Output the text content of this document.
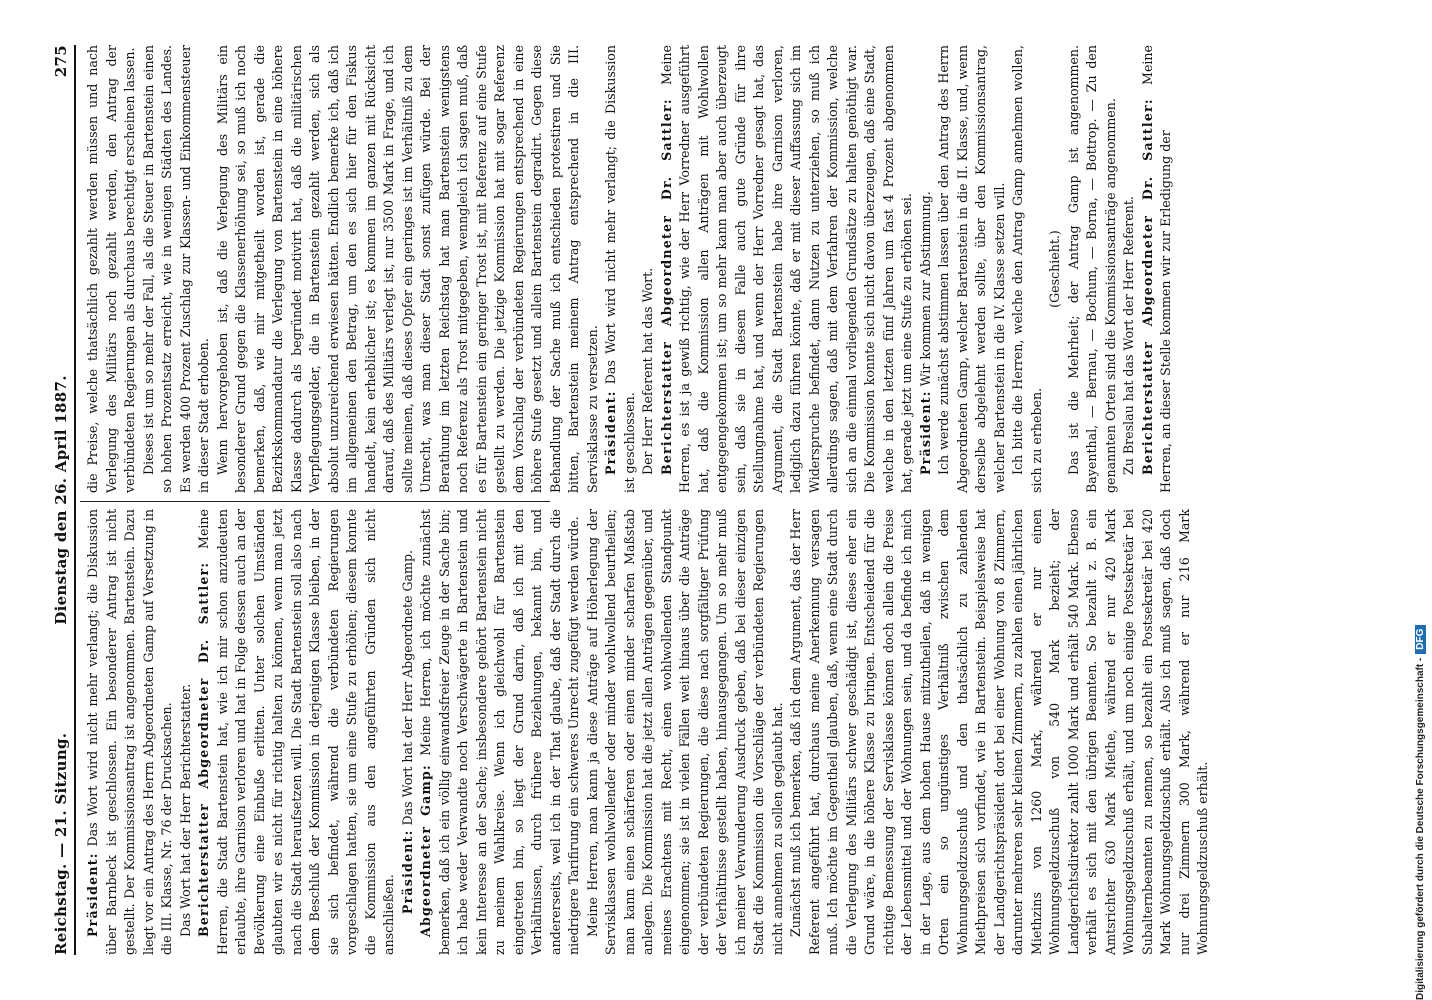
Reichstag. — 21. Sitzung.
Dienstag den 26. April 1887.
275

Präsident: Das Wort wird nicht mehr verlangt; die Diskussion über Barnbeck ist geschlossen. Ein besonderer Antrag ist nicht gestellt. Der Kommissionsantrag ist angenommen. Bartenstein. Dazu liegt vor ein Antrag des Herrn Abgeordneten Gamp auf Versetzung in die III. Klasse, Nr. 76 der Drucksachen. Das Wort hat der Herr Berichterstatter. Berichterstatter Abgeordneter Dr. Sattler: Meine Herren, die Stadt Bartenstein hat, wie ich mir schon anzudeuten erlaubte, ihre Garnison verloren und hat in Folge dessen auch an der Bevölkerung eine Einbuße erlitten. Unter solchen Umständen glaubten wir es nicht für richtig halten zu können, wenn man jetzt nach die Stadt heraufsetzen will. Die Stadt Bartenstein soll also nach dem Beschluß der Kommission in derjenigen Klasse bleiben, in der sie sich befindet, während die verbündeten Regierungen vorgeschlagen hatten, sie um eine Stufe zu erhöhen; diesem konnte die Kommission aus den angeführten Gründen sich nicht anschließen.

Präsident: Das Wort hat der Herr Abgeordnete Gamp.

Abgeordneter Gamp: Meine Herren, ich möchte zunächst bemerken, daß ich ein völlig einwandsfreier Zeuge in der Sache bin; ich habe weder Verwandte noch Verschwägerte in Bartenstein und kein Interesse an der Sache; insbesondere gehört Bartenstein nicht zu meinem Wahlkreise. Wenn ich gleichwohl für Bartenstein eingetreten bin, so liegt der Grund darin, daß ich mit den Verhältnissen, durch frühere Beziehungen, bekannt bin, und andererseits, weil ich in der That glaube, daß der Stadt durch die niedrigere Tarifirung ein schweres Unrecht zugefügt werden würde. Meine Herren, man kann ja diese Anträge auf Höherlegung der Servisklassen wohlwollender oder minder wohlwollend beurtheilen; man kann einen schärferen oder einen minder scharfen Maßstab anlegen. Die Kommission hat die jetzt allen Anträgen gegenüber, und meines Erachtens mit Recht, einen wohlwollenden Standpunkt eingenommen; sie ist in vielen Fällen weit hinaus über die Anträge der verbündeten Regierungen, die diese nach sorgfältiger Prüfung der Verhältnisse gestellt haben, hinausgegangen. Um so mehr muß ich meiner Verwunderung Ausdruck geben, daß bei dieser einzigen Stadt die Kommission die Vorschläge der verbündeten Regierungen nicht annehmen zu sollen geglaubt hat. Zunächst muß ich bemerken, daß ich dem Argument, das der Herr Referent angeführt hat, durchaus meine Anerkennung versagen muß. Ich möchte im Gegentheil glauben, daß, wenn eine Stadt durch die Verlegung des Militärs schwer geschädigt ist, dieses eher ein Grund wäre, in die höhere Klasse zu bringen. Entscheidend für die richtige Bemessung der Servisklasse können doch allein die Preise der Lebensmittel und der Wohnungen sein, und da befinde ich mich in der Lage, aus dem hohen Hause mitzutheilen, daß in wenigen Orten ein so ungünstiges Verhältniß zwischen dem Wohnungsgeldzuschuß und den thatsächlich zu zahlenden Miethpreisen sich vorfindet, wie in Bartenstein. Beispielsweise hat der Landgerichtspräsident dort bei einer Wohnung von 8 Zimmern, darunter mehreren sehr kleinen Zimmern, zu zahlen einen jährlichen Miethzins von 1260 Mark, während er nur einen Wohnungsgeldzuschuß von 540 Mark bezieht; der Landgerichtsdirektor zahlt 1000 Mark und erhält 540 Mark. Ebenso verhält es sich mit den übrigen Beamten. So bezahlt z. B. ein Amtsrichter 630 Mark Miethe, während er nur 420 Mark Wohnungsgeldzuschuß erhält, und um noch einige Postsekretär bei Subalternbeamten zu nennen, so bezahlt ein Postsekretär bei 420 Mark Wohnungsgeldzuschuß erhält. Also ich muß sagen, daß doch nur drei Zimmern 300 Mark, während er nur 216 Mark Wohnungsgeldzuschuß erhält.

die Preise, welche thatsächlich gezahlt werden müssen und nach Verlegung des Militärs noch gezahlt werden, den Antrag der verbündeten Regierungen als durchaus berechtigt erscheinen lassen. Dieses ist um so mehr der Fall, als die Steuer in Bartenstein einen so hohen Prozentsatz erreicht, wie in wenigen Städten des Landes. Es werden 400 Prozent Zuschlag zur Klassen- und Einkommensteuer in dieser Stadt erhoben. Wenn hervorgehoben ist, daß die Verlegung des Militärs ein besonderer Grund gegen die Klassenerhöhung sei, so muß ich noch bemerken, daß, wie mir mitgetheilt worden ist, gerade die Bezirkskommandatur die Verlegung von Bartenstein in eine höhere Klasse dadurch als begründet motivirt hat, daß die militärischen Verpflegungsgelder, die in Bartenstein gezahlt werden, sich als absolut unzureichend erwiesen hätten. Endlich bemerke ich, daß ich im allgemeinen den Betrag, um den es sich hier für den Fiskus handelt, kein erheblicher ist; es kommen im ganzen mit Rücksicht darauf, daß des Militärs verlegt ist, nur 3500 Mark in Frage, und ich sollte meinen, daß dieses Opfer ein geringes ist im Verhältniß zu dem Unrecht, was man dieser Stadt sonst zufügen würde. Bei der Berathung im letzten Reichstag hat man Bartenstein wenigstens noch Referenz als Trost mitgegeben, wenngleich ich sagen muß, daß es für Bartenstein ein geringer Trost ist, mit Referenz auf eine Stufe gestellt zu werden. Die jetzige Kommission hat mit sogar Referenz dem Vorschlag der verbündeten Regierungen entsprechend in eine höhere Stufe gesetzt und allein Bartenstein degradirt. Gegen diese Behandlung der Sache muß ich entschieden protestiren und Sie bitten, Bartenstein meinem Antrag entsprechend in die III. Servisklasse zu versetzen. Präsident: Das Wort wird nicht mehr verlangt; die Diskussion ist geschlossen. Der Herr Referent hat das Wort. Berichterstatter Abgeordneter Dr. Sattler: Meine Herren, es ist ja gewiß richtig, wie der Herr Vorredner ausgeführt hat, daß die Kommission allen Anträgen mit Wohlwollen entgegengekommen ist; um so mehr kann man aber auch überzeugt sein, daß sie in diesem Falle auch gute Gründe für ihre Stellungnahme hat, und wenn der Herr Vorredner gesagt hat, das Argument, die Stadt Bartenstein habe ihre Garnison verloren, lediglich dazu führen könnte, daß er mit dieser Auffassung sich im Widerspruche befindet, dann Nutzen zu unterziehen, so muß ich allerdings sagen, daß mit dem Verfahren der Kommission, welche sich an die einmal vorliegenden Grundsätze zu halten genöthigt war. Die Kommission konnte sich nicht davon überzeugen, daß eine Stadt, welche in den letzten fünf Jahren um fast 4 Prozent abgenommen hat, gerade jetzt um eine Stufe zu erhöhen sei. Präsident: Wir kommen zur Abstimmung. Ich werde zunächst abstimmen lassen über den Antrag des Herrn Abgeordneten Gamp, welcher Bartenstein in die II. Klasse, und, wenn derselbe abgelehnt werden sollte, über den Kommissionsantrag, welcher Bartenstein in die IV. Klasse setzen will. Ich bitte die Herren, welche den Antrag Gamp annehmen wollen, sich zu erheben.

(Geschieht.) Das ist die Mehrheit; der Antrag Gamp ist angenommen. Bayenthal, — Bernau, — Bochum, — Borna, — Bottrop. — Zu den genannten Orten sind die Kommissionsanträge angenommen. Zu Breslau hat das Wort der Herr Referent. Berichterstatter Abgeordneter Dr. Sattler: Meine Herren, an dieser Stelle kommen wir zur Erledigung der

Digitalisierung gefördert durch die Deutsche Forschungsgemeinschaft -DFG
